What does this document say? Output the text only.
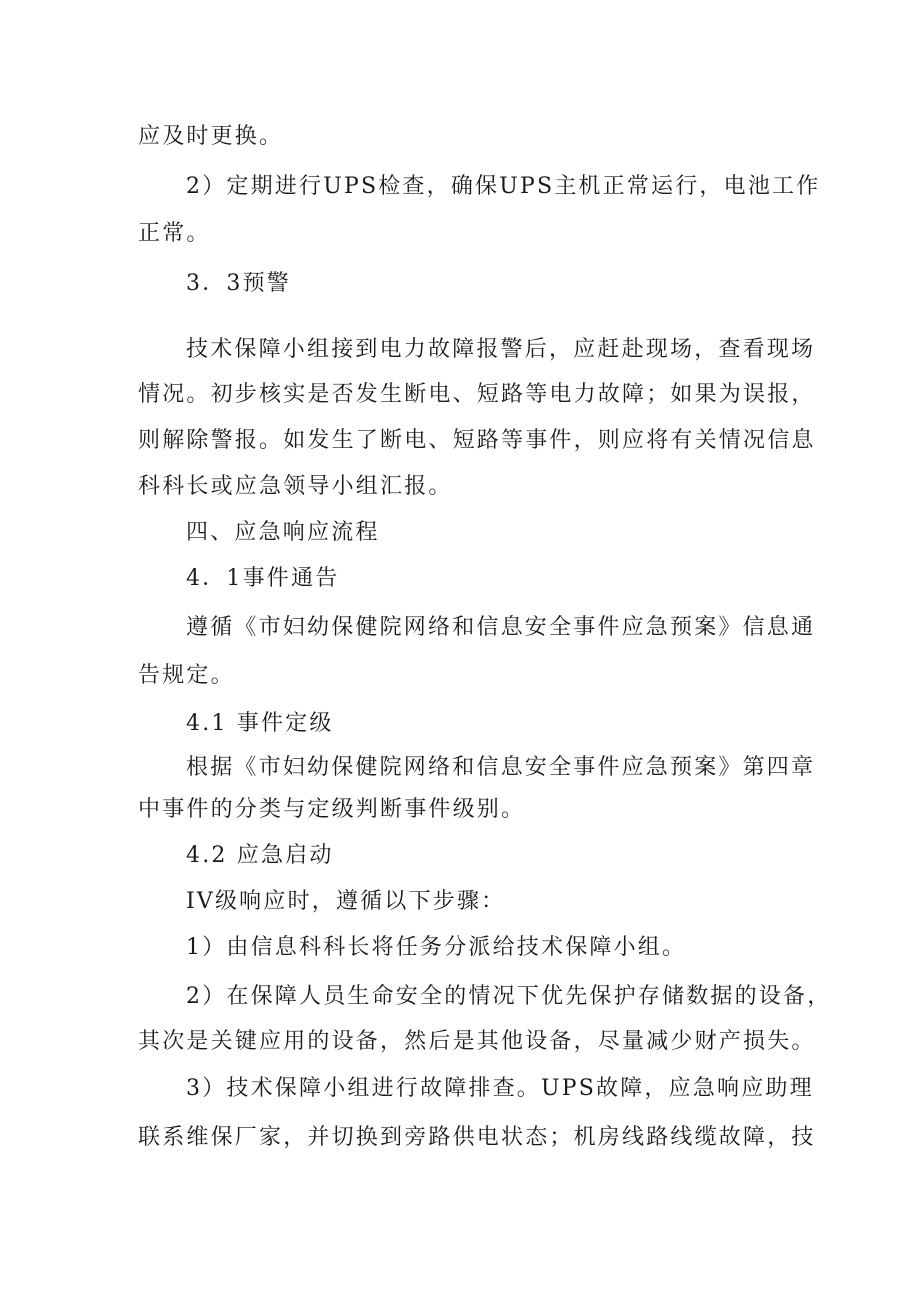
应及时更换。
2）定期进行UPS检查，确保UPS主机正常运行，电池工作
正常。
3．3预警
技术保障小组接到电力故障报警后，应赶赴现场，查看现场
情况。初步核实是否发生断电、短路等电力故障；如果为误报，
则解除警报。如发生了断电、短路等事件，则应将有关情况信息
科科长或应急领导小组汇报。
四、应急响应流程
4．1事件通告
遵循《市妇幼保健院网络和信息安全事件应急预案》信息通
告规定。
4.1 事件定级
根据《市妇幼保健院网络和信息安全事件应急预案》第四章
中事件的分类与定级判断事件级别。
4.2 应急启动
IV级响应时，遵循以下步骤：
1）由信息科科长将任务分派给技术保障小组。
2）在保障人员生命安全的情况下优先保护存储数据的设备，
其次是关键应用的设备，然后是其他设备，尽量减少财产损失。
3）技术保障小组进行故障排查。UPS故障，应急响应助理
联系维保厂家，并切换到旁路供电状态；机房线路线缆故障，技
